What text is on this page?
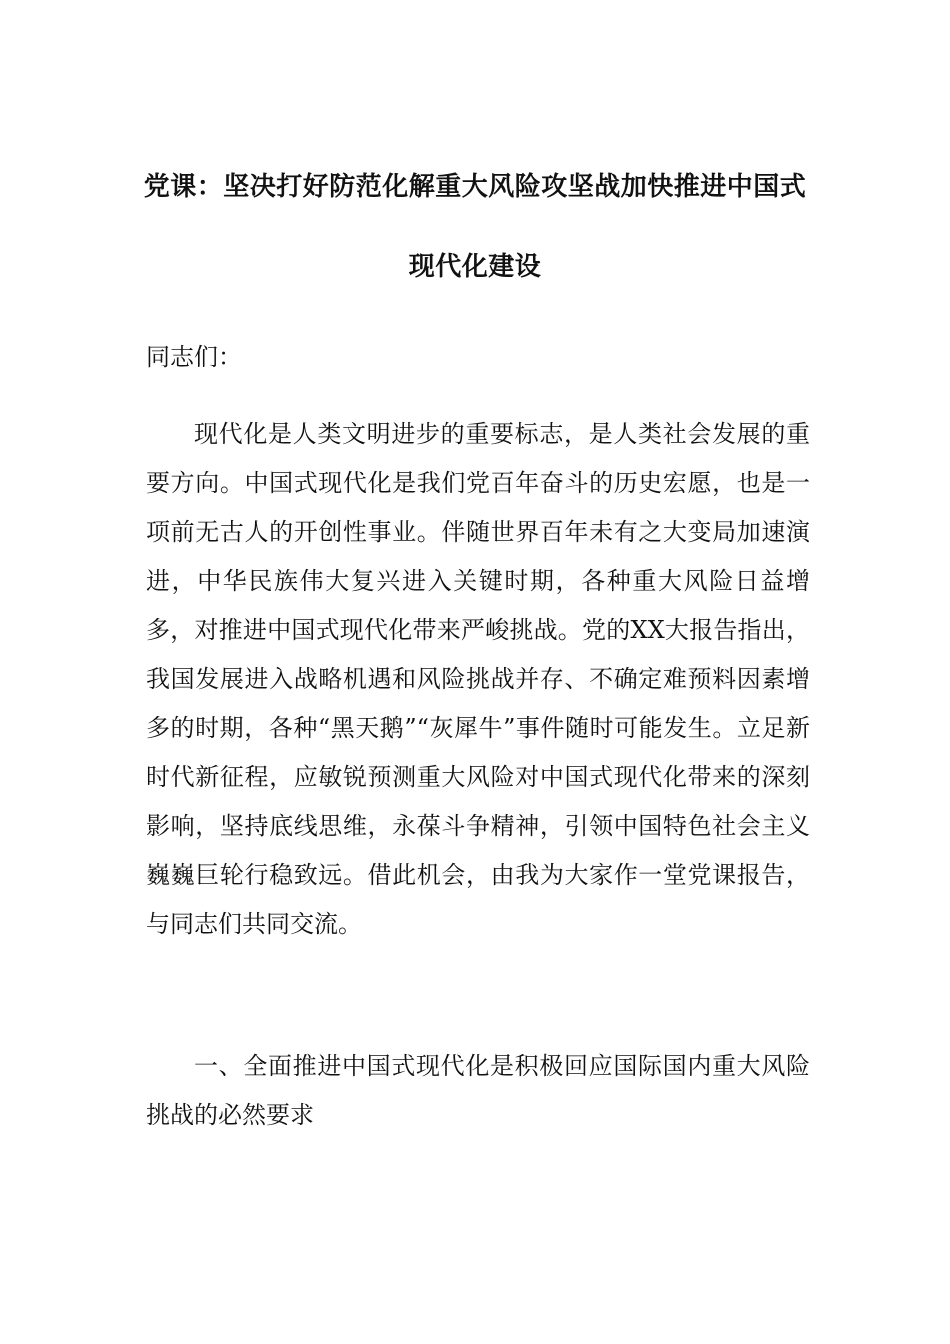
党课：坚决打好防范化解重大风险攻坚战加快推进中国式
现代化建设
同志们：

现代化是人类文明进步的重要标志，是人类社会发展的重要方向。中国式现代化是我们党百年奋斗的历史宏愿，也是一项前无古人的开创性事业。伴随世界百年未有之大变局加速演进，中华民族伟大复兴进入关键时期，各种重大风险日益增多，对推进中国式现代化带来严峻挑战。党的XX大报告指出，我国发展进入战略机遇和风险挑战并存、不确定难预料因素增多的时期，各种“黑天鹅”“灰犀牛”事件随时可能发生。立足新时代新征程，应敏锐预测重大风险对中国式现代化带来的深刻影响，坚持底线思维，永葆斗争精神，引领中国特色社会主义巍巍巨轮行稳致远。借此机会，由我为大家作一堂党课报告，与同志们共同交流。

一、全面推进中国式现代化是积极回应国际国内重大风险挑战的必然要求
